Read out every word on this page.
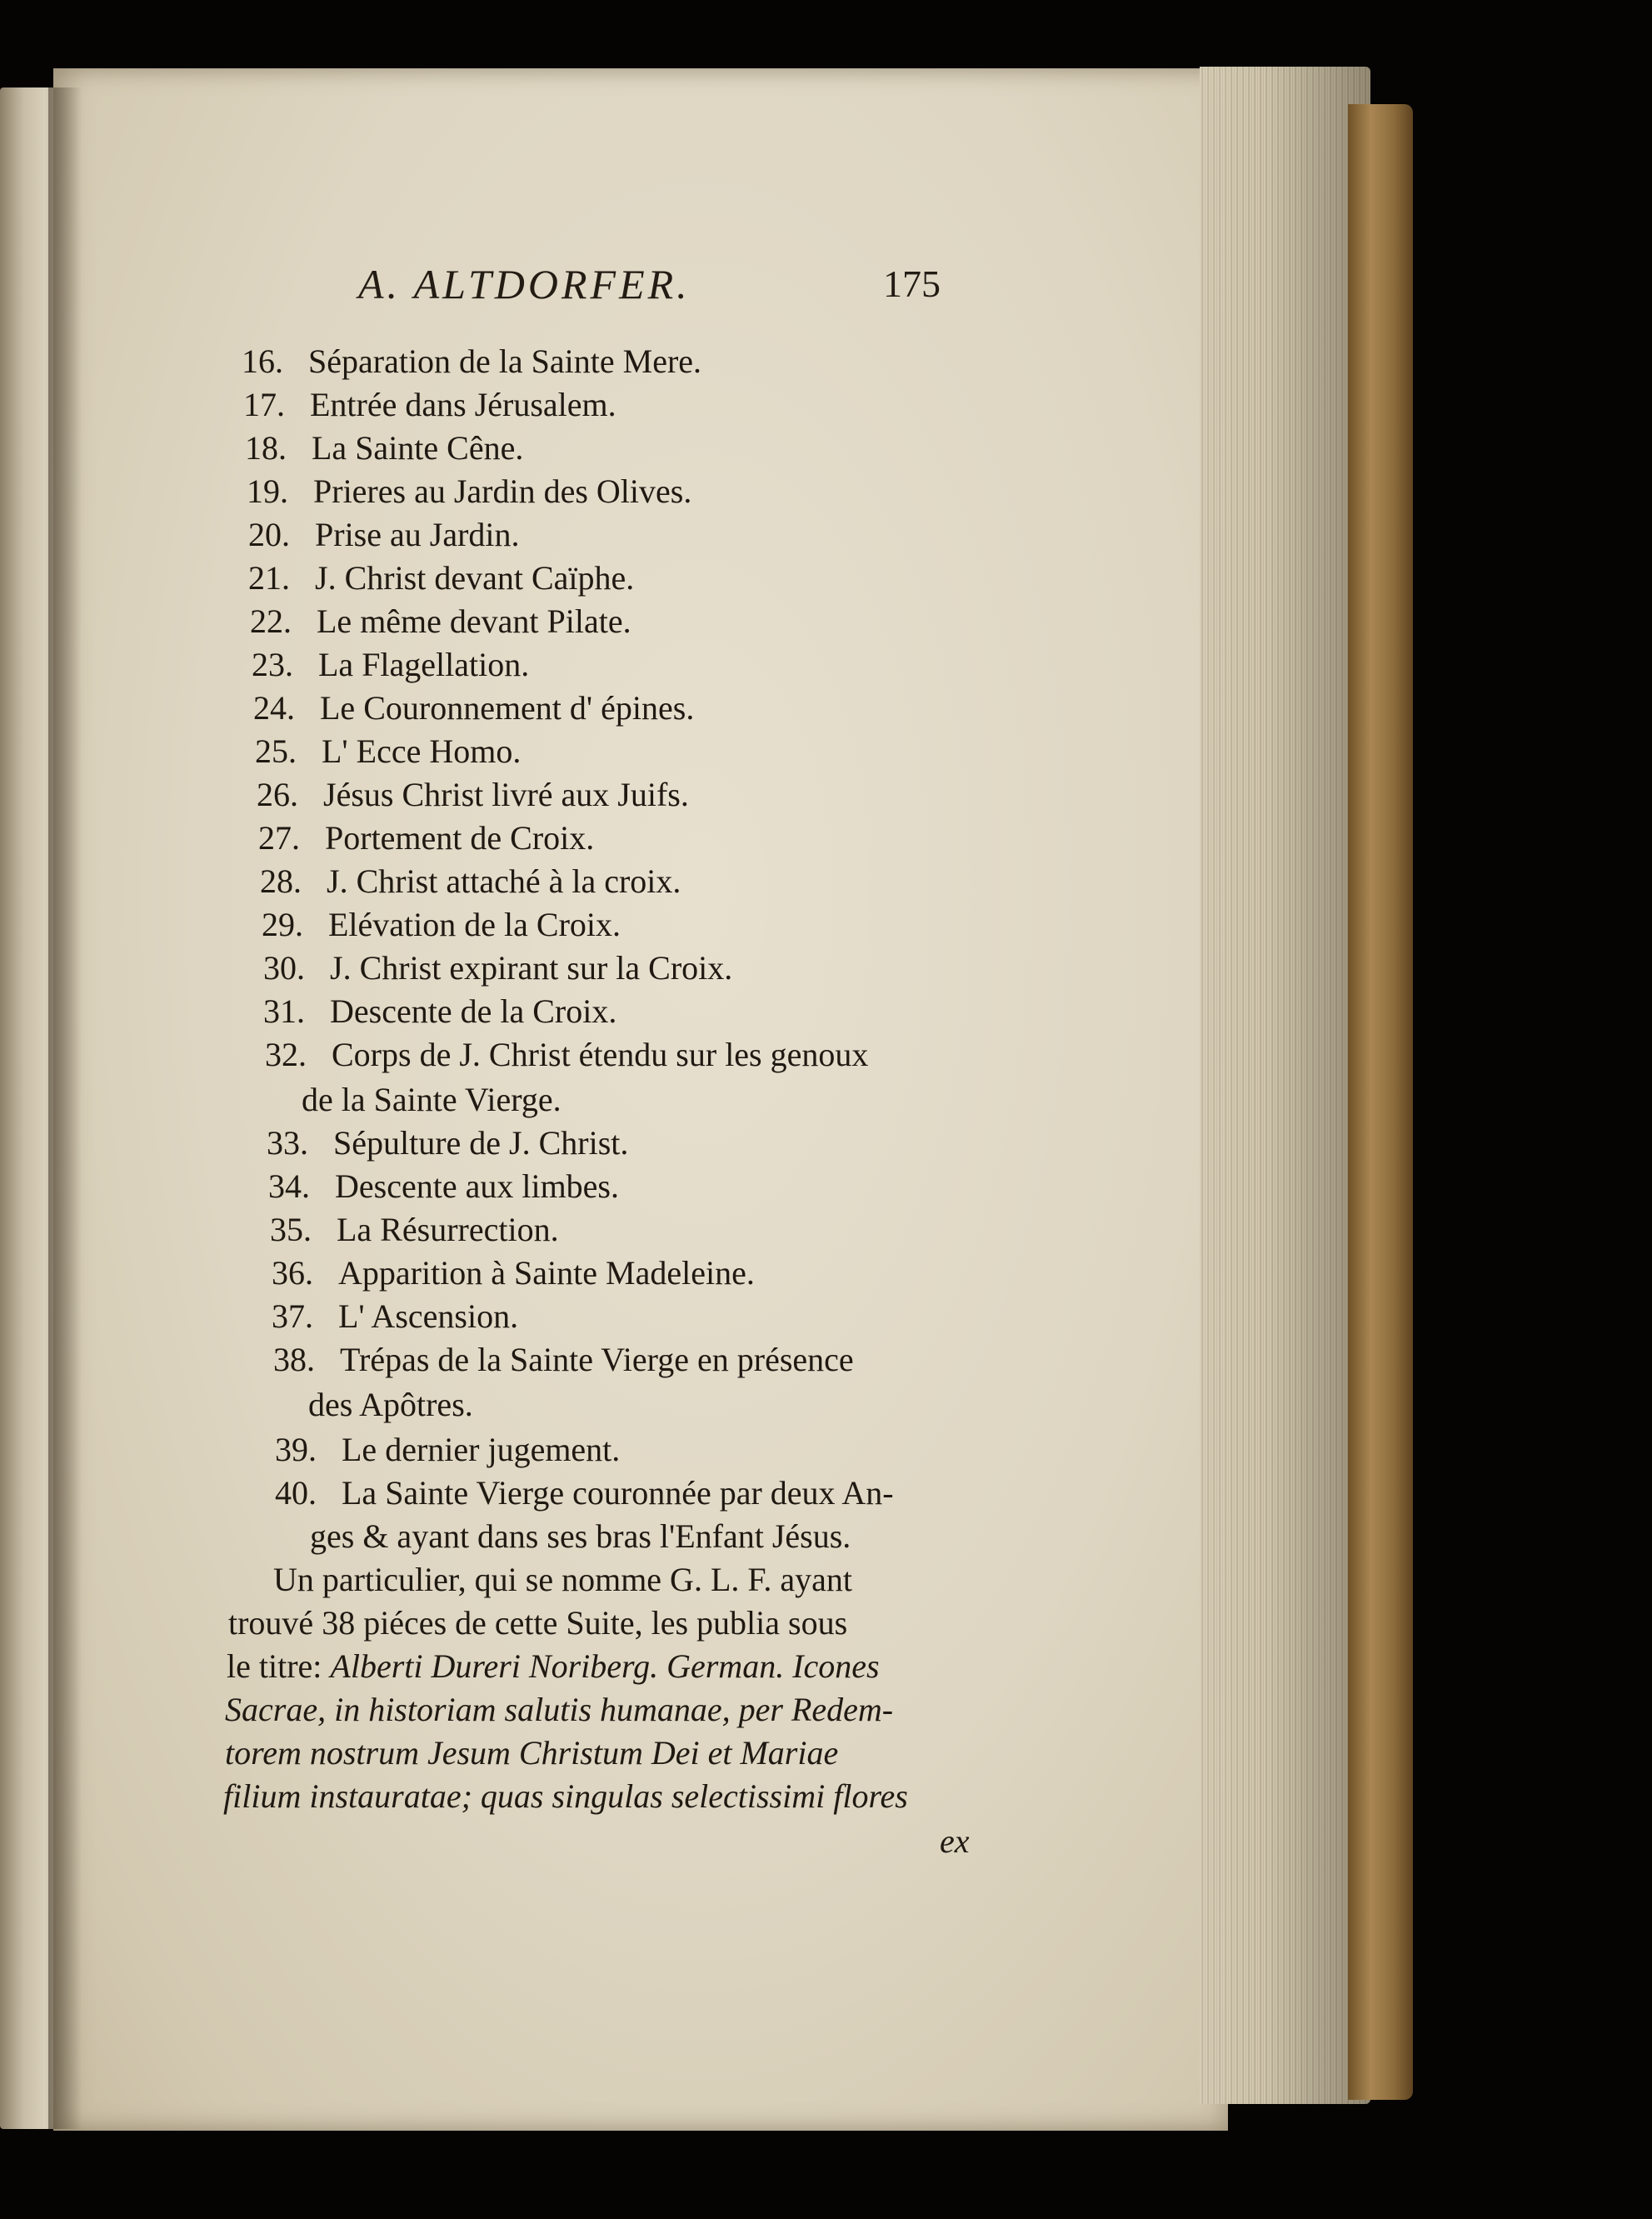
A. ALTDORFER.	175
16. Séparation de la Sainte Mere.
17. Entrée dans Jérusalem.
18. La Sainte Cêne.
19. Prieres au Jardin des Olives.
20. Prise au Jardin.
21. J. Christ devant Caïphe.
22. Le même devant Pilate.
23. La Flagellation.
24. Le Couronnement d' épines.
25. L' Ecce Homo.
26. Jésus Christ livré aux Juifs.
27. Portement de Croix.
28. J. Christ attaché à la croix.
29. Elévation de la Croix.
30. J. Christ expirant sur la Croix.
31. Descente de la Croix.
32. Corps de J. Christ étendu sur les genoux
de la Sainte Vierge.
33. Sépulture de J. Christ.
34. Descente aux limbes.
35. La Résurrection.
36. Apparition à Sainte Madeleine.
37. L' Ascension.
38. Trépas de la Sainte Vierge en présence
des Apôtres.
39. Le dernier jugement.
40. La Sainte Vierge couronnée par deux An-
ges & ayant dans ses bras l'Enfant Jésus.
Un particulier, qui se nomme G. L. F. ayant
trouvé 38 piéces de cette Suite, les publia sous
le titre: Alberti Dureri Noriberg. German. Icones
Sacrae, in historiam salutis humanae, per Redem-
torem nostrum Jesum Christum Dei et Mariae
filium instauratae; quas singulas selectissimi flores
ex
